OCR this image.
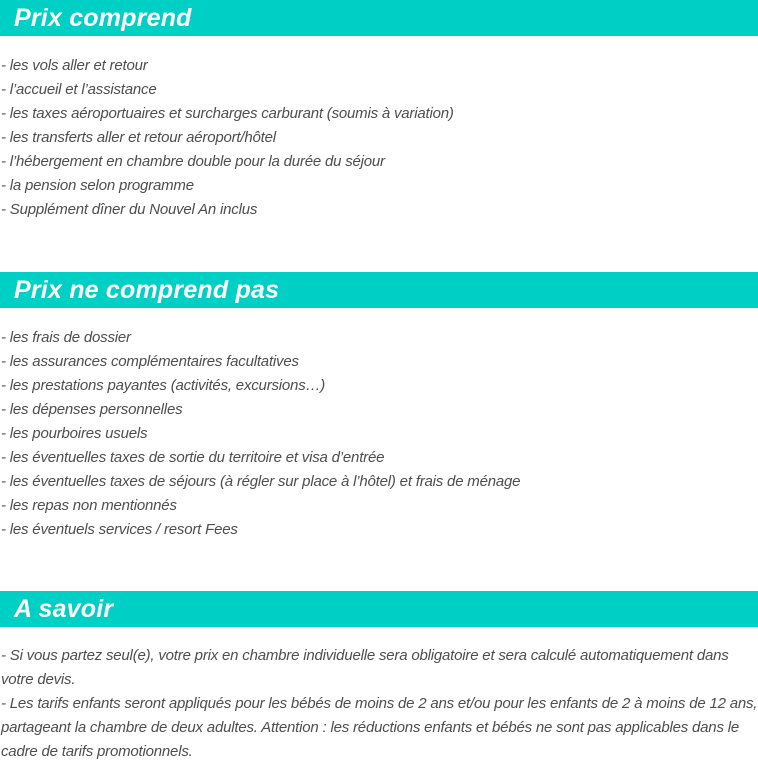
Prix comprend
- les vols aller et retour
- l’accueil et l’assistance
- les taxes aéroportuaires et surcharges carburant (soumis à variation)
- les transferts aller et retour aéroport/hôtel
- l’hébergement en chambre double pour la durée du séjour
- la pension selon programme
- Supplément dîner du Nouvel An inclus
Prix ne comprend pas
- les frais de dossier
- les assurances complémentaires facultatives
- les prestations payantes (activités, excursions…)
- les dépenses personnelles
- les pourboires usuels
- les éventuelles taxes de sortie du territoire et visa d’entrée
- les éventuelles taxes de séjours (à régler sur place à l’hôtel) et frais de ménage
- les repas non mentionnés
- les éventuels services / resort Fees
A savoir
- Si vous partez seul(e), votre prix en chambre individuelle sera obligatoire et sera calculé automatiquement dans votre devis.
- Les tarifs enfants seront appliqués pour les bébés de moins de 2 ans et/ou pour les enfants de 2 à moins de 12 ans, partageant la chambre de deux adultes. Attention : les réductions enfants et bébés ne sont pas applicables dans le cadre de tarifs promotionnels.
